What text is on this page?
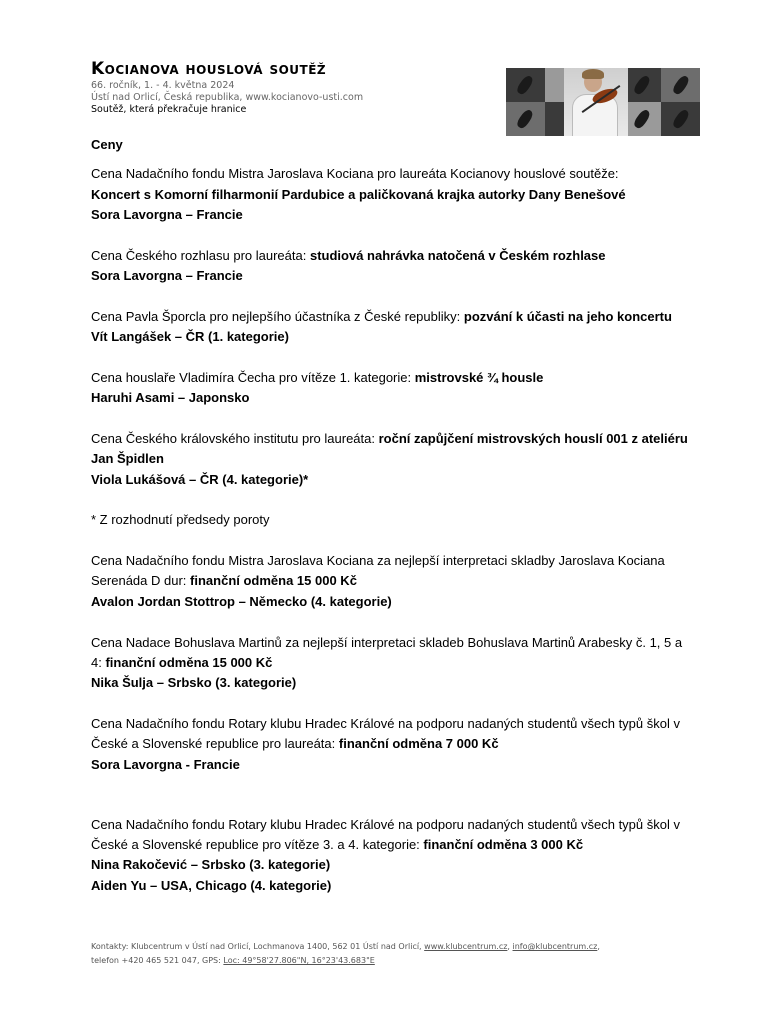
Kocianova houslová soutěž
66. ročník, 1. - 4. května 2024
Ústí nad Orlicí, Česká republika, www.kocianovo-usti.com
Soutěž, která překračuje hranice

Ceny

Cena Nadačního fondu Mistra Jaroslava Kociana pro laureáta Kocianovy houslové soutěže:

Koncert s Komorní filharmonií Pardubice a paličkovaná krajka autorky Dany Benešové

Sora Lavorgna – Francie

Cena Českého rozhlasu pro laureáta: studiová nahrávka natočená v Českém rozhlase

Sora Lavorgna – Francie

Cena Pavla Šporcla pro nejlepšího účastníka z České republiky: pozvání k účasti na jeho koncertu

Vít Langášek – ČR (1. kategorie)

Cena houslaře Vladimíra Čecha pro vítěze 1. kategorie: mistrovské ¾ housle

Haruhi Asami – Japonsko

Cena Českého královského institutu pro laureáta: roční zapůjčení mistrovských houslí 001 z ateliéru Jan Špidlen

Viola Lukášová – ČR (4. kategorie)*

* Z rozhodnutí předsedy poroty

Cena Nadačního fondu Mistra Jaroslava Kociana za nejlepší interpretaci skladby Jaroslava Kociana Serenáda D dur: finanční odměna 15 000 Kč

Avalon Jordan Stottrop – Německo (4. kategorie)

Cena Nadace Bohuslava Martinů za nejlepší interpretaci skladeb Bohuslava Martinů Arabesky č. 1, 5 a 4: finanční odměna 15 000 Kč

Nika Šulja – Srbsko (3. kategorie)

Cena Nadačního fondu Rotary klubu Hradec Králové na podporu nadaných studentů všech typů škol v České a Slovenské republice pro laureáta: finanční odměna 7 000 Kč

Sora Lavorgna - Francie

Cena Nadačního fondu Rotary klubu Hradec Králové na podporu nadaných studentů všech typů škol v České a Slovenské republice pro vítěze 3. a 4. kategorie: finanční odměna 3 000 Kč

Nina Rakočević – Srbsko (3. kategorie)

Aiden Yu – USA, Chicago (4. kategorie)

Kontakty: Klubcentrum v Ústí nad Orlicí, Lochmanova 1400, 562 01 Ústí nad Orlicí, www.klubcentrum.cz, info@klubcentrum.cz,
telefon +420 465 521 047, GPS: Loc: 49°58'27.806"N, 16°23'43.683"E
